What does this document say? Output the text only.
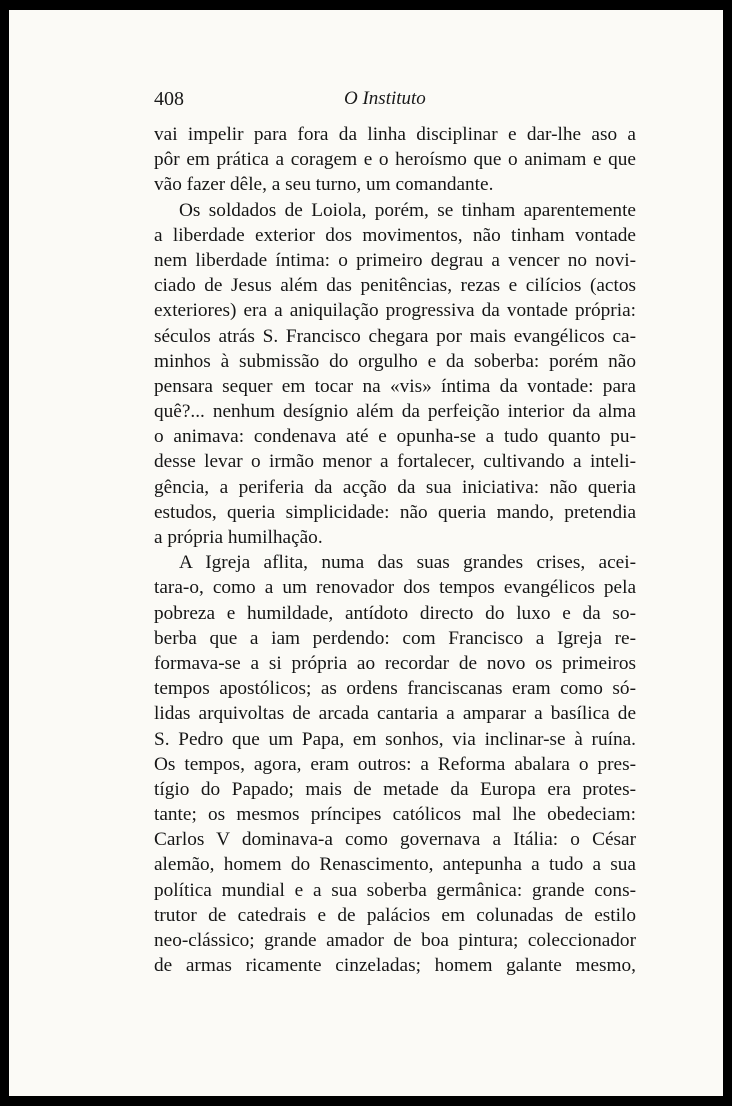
408	O Instituto
vai impelir para fora da linha disciplinar e dar-lhe aso a
pôr em prática a coragem e o heroísmo que o animam e que
vão fazer dêle, a seu turno, um comandante.
Os soldados de Loiola, porém, se tinham aparentemente
a liberdade exterior dos movimentos, não tinham vontade
nem liberdade íntima: o primeiro degrau a vencer no novi-
ciado de Jesus além das penitências, rezas e cilícios (actos
exteriores) era a aniquilação progressiva da vontade própria:
séculos atrás S. Francisco chegara por mais evangélicos ca-
minhos à submissão do orgulho e da soberba: porém não
pensara sequer em tocar na «vis» íntima da vontade: para
quê?... nenhum desígnio além da perfeição interior da alma
o animava: condenava até e opunha-se a tudo quanto pu-
desse levar o irmão menor a fortalecer, cultivando a inteli-
gência, a periferia da acção da sua iniciativa: não queria
estudos, queria simplicidade: não queria mando, pretendia
a própria humilhação.
A Igreja aflita, numa das suas grandes crises, acei-
tara-o, como a um renovador dos tempos evangélicos pela
pobreza e humildade, antídoto directo do luxo e da so-
berba que a iam perdendo: com Francisco a Igreja re-
formava-se a si própria ao recordar de novo os primeiros
tempos apostólicos; as ordens franciscanas eram como só-
lidas arquivoltas de arcada cantaria a amparar a basílica de
S. Pedro que um Papa, em sonhos, via inclinar-se à ruína.
Os tempos, agora, eram outros: a Reforma abalara o pres-
tígio do Papado; mais de metade da Europa era protes-
tante; os mesmos príncipes católicos mal lhe obedeciam:
Carlos V dominava-a como governava a Itália: o César
alemão, homem do Renascimento, antepunha a tudo a sua
política mundial e a sua soberba germânica: grande cons-
trutor de catedrais e de palácios em colunadas de estilo
neo-clássico; grande amador de boa pintura; coleccionador
de armas ricamente cinzeladas; homem galante mesmo,
